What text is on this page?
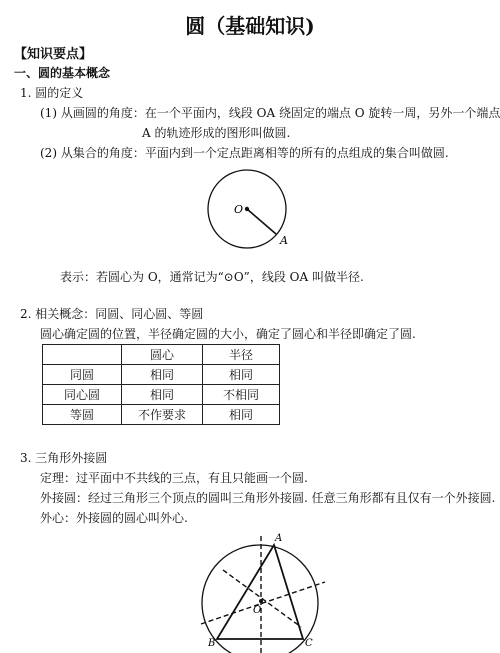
圆（基础知识)
【知识要点】
一、圆的基本概念
1. 圆的定义
(1) 从画圆的角度：在一个平面内，线段 OA 绕固定的端点 O 旋转一周，另外一个端点
A 的轨迹形成的图形叫做圆.
(2) 从集合的角度：平面内到一个定点距离相等的所有的点组成的集合叫做圆.
O
A
表示：若圆心为 O，通常记为“⊙O”，线段 OA 叫做半径.
2. 相关概念：同圆、同心圆、等圆
圆心确定圆的位置，半径确定圆的大小，确定了圆心和半径即确定了圆.
	圆心	半径
同圆	相同	相同
同心圆	相同	不相同
等圆	不作要求	相同
3. 三角形外接圆
定理：过平面中不共线的三点，有且只能画一个圆.
外接圆：经过三角形三个顶点的圆叫三角形外接圆. 任意三角形都有且仅有一个外接圆.
外心：外接圆的圆心叫外心.
A
B	C
O
